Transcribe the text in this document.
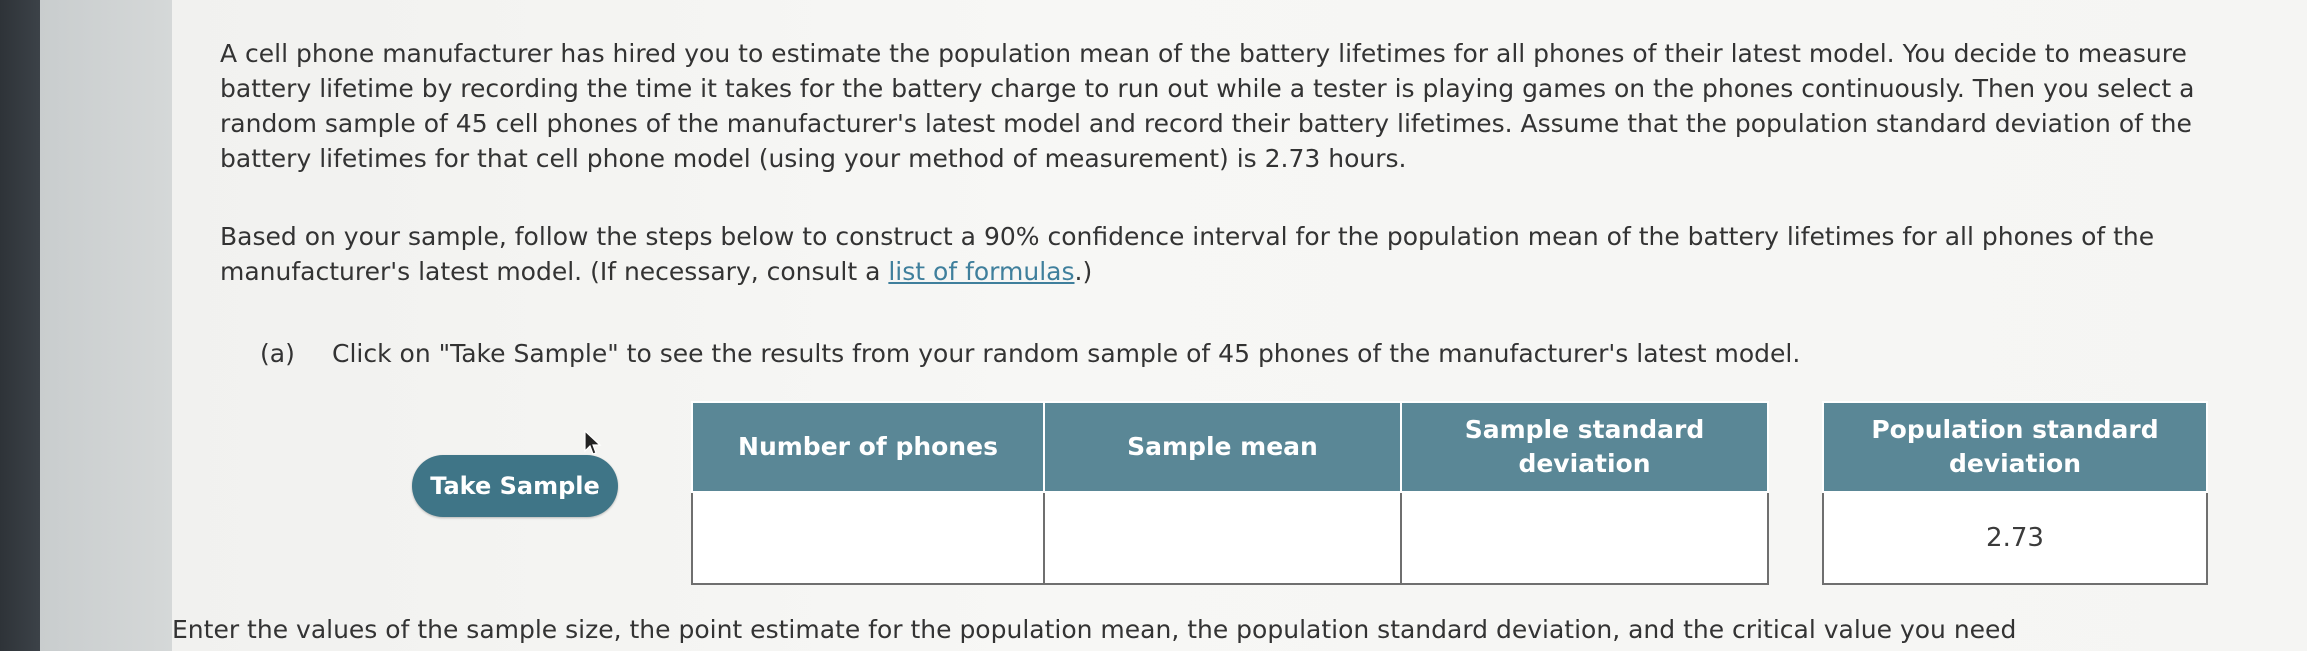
A cell phone manufacturer has hired you to estimate the population mean of the battery lifetimes for all phones of their latest model. You decide to measure battery lifetime by recording the time it takes for the battery charge to run out while a tester is playing games on the phones continuously. Then you select a random sample of 45 cell phones of the manufacturer's latest model and record their battery lifetimes. Assume that the population standard deviation of the battery lifetimes for that cell phone model (using your method of measurement) is 2.73 hours.

Based on your sample, follow the steps below to construct a 90% confidence interval for the population mean of the battery lifetimes for all phones of the manufacturer's latest model. (If necessary, consult a list of formulas.)

(a) Click on "Take Sample" to see the results from your random sample of 45 phones of the manufacturer's latest model.
Take Sample
Number of phones	Sample mean	Sample standard deviation

Population standard deviation
2.73
Enter the values of the sample size, the point estimate for the population mean, the population standard deviation, and the critical value you need
